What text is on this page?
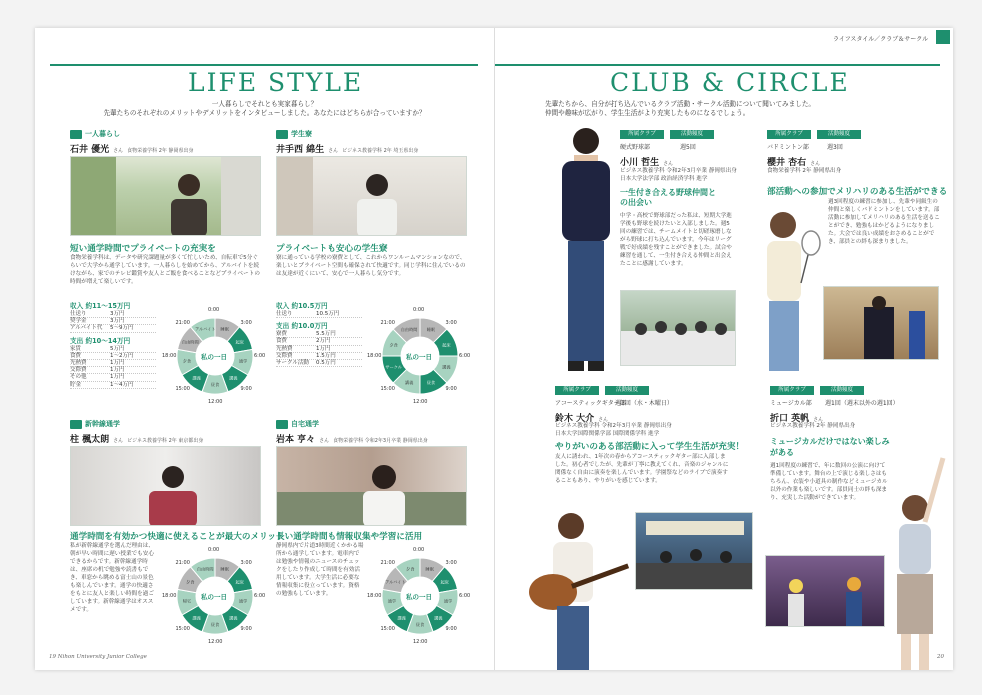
LIFE STYLE
一人暮らしでそれとも実家暮らし？
先輩たちのそれぞれのメリットやデメリットをインタビューしました。あなたにはどちらが合っていますか？
一人暮らし
石井 優光 さん 食物栄養学科 2年 静岡県出身
短い通学時間でプライベートの充実を
食物栄養学科は、データや研究課題量が多くて忙しいため、自転車で5分ぐらいで大学から通学しています。一人暮らしを始めてから、アルバイトを続けながら、家でのテレビ鑑賞や友人とご飯を食べることなどプライベートの時間が増えて楽しいです。
学生寮
井手西 綿生 さん ビジネス教養学科 2年 埼玉県出身
プライベートも安心の学生寮
寮に通っている学校の寮費として、これからワンルームマンションなので、楽しいとプライベート空間も確保されて快適です。同じ学科に住んでいるのは友達が近くにいて、安心で一人暮らし気分です。
収入 約11〜15万円
仕送り	3万円
奨学金	3万円
アルバイト代 5〜9万円
支出 約10〜14万円
家賃	5万円
食費	1〜2万円
光熱費	1万円
交際費	1万円
その他	1万円
貯金	1〜4万円
収入 約10.5万円
仕送り	10.5万円
支出 約10.0万円
寮費	5.5万円
食費	2万円
光熱費	1万円
交際費	1.5万円
サークル活動 0.5万円
睡眠
起床
通学
講義
昼食
講義
夕食
自由時間
アルバイト
私の一日
0:00
3:00
6:00
9:00
12:00
15:00
18:00
21:00
睡眠
起床
講義
昼食
講義
サークル
夕食
自由時間
私の一日
0:00
3:00
6:00
9:00
12:00
15:00
18:00
21:00
新幹線通学
柱 楓太朗 さん ビジネス教養学科 2年 東京都出身
通学時間を有効かつ快適に使えることが最大のメリット
私が新幹線通学を選んだ理由は、朝が早い時間に遅い授業でも安心できるからです。新幹線通学時は、座席の机で勉強や読書もでき、車窓から眺める富士山の景色も楽しんでいます。通学の快適さをもとに友人と楽しい時間を過ごしています。新幹線通学はオススメです。
自宅通学
岩本 亨々 さん 食物栄養学科 令和2年3月卒業 静岡県出身
長い通学時間も情報収集や学習に活用
静岡県内で片道3時間近くかかる場所から通学しています。電車内では勉強や情報のニュースのチェックをしたり作成して時間を有効活用しています。大学生活に必要な情報収集に役立っています。資格の勉強もしています。
睡眠
起床
通学
講義
昼食
講義
帰宅
夕食
自由時間
私の一日
0:00
3:00
6:00
9:00
12:00
15:00
18:00
21:00
睡眠
起床
通学
講義
昼食
講義
通学
アルバイト
夕食
私の一日
0:00
3:00
6:00
9:00
12:00
15:00
18:00
21:00
19 Nihon University Junior College
ライフスタイル／クラブ＆サークル
CLUB & CIRCLE
先輩たちから、自分が打ち込んでいるクラブ活動・サークル活動について聞いてみました。
仲間や趣味が広がり、学生生活がより充実したものになるでしょう。
所属クラブ	活動頻度
硬式野球部	週5回
小川 哲生 さん
ビジネス教養学科 令和2年3月卒業 静岡県出身
日本大学法学部 政治経済学科 進学
一生付き合える野球仲間との出会い
中学・高校で野球部だった私は、短期大学進学後も野球を続けたいと入部しました。週5回の練習では、チームメイトと切磋琢磨しながら野球に打ち込んでいます。今年はリーグ戦で好成績を残すことができました。試合や練習を通して、一生付き合える仲間と出会えたことに感謝しています。
所属クラブ	活動頻度
バドミントン部	週3回
櫻井 杏右 さん
食物栄養学科 2年 静岡県出身
部活動への参加でメリハリのある生活ができる
週3回程度の練習に参加し、先輩や同級生の仲間と楽しくバドミントンをしています。部活動に参加してメリハリのある生活を送ることができ、勉強もはかどるようになりました。大会では良い成績をおさめることができ、部員との絆も深まりました。
所属クラブ	活動頻度
アコースティックギター部
週3回（水・木曜日）
鈴木 大介 さん
ビジネス教養学科 令和2年3月卒業 静岡県出身
日本大学国際関係学部 国際関係学科 進学
やりがいのある部活動に入って学生生活が充実！
友人に誘われ、1年次の春からアコースティックギター部に入部しました。初心者でしたが、先輩が丁寧に教えてくれ、音楽のジャンルに関係なく自由に演奏を楽しんでいます。学園祭などのライブで演奏することもあり、やりがいを感じています。
所属クラブ	活動頻度
ミュージカル部 週1回（週末以外の週1回）
折口 英帆 さん
ビジネス教養学科 2年 静岡県出身
ミュージカルだけではない楽しみがある
週1回程度の練習で、年に数回の公演に向けて準備しています。舞台の上で演じる楽しさはもちろん、衣装や小道具の制作などミュージカル以外の作業も楽しいです。部員同士の絆も深まり、充実した活動ができています。
20
